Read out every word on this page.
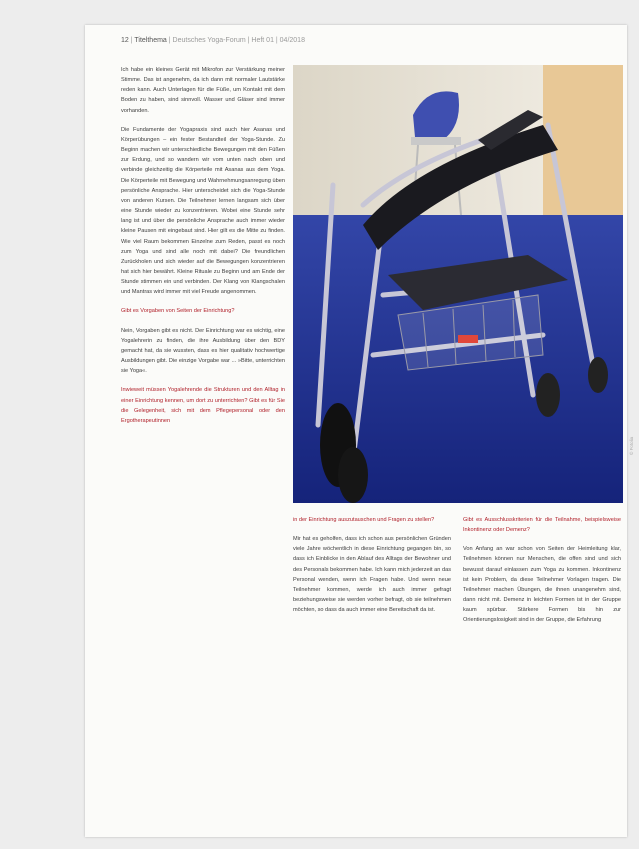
12 | Titelthema | Deutsches Yoga-Forum | Heft 01 | 04/2018

Ich habe ein kleines Gerät mit Mikrofon zur Verstärkung meiner Stimme. Das ist angenehm, da ich dann mit normaler Lautstärke reden kann. Auch Unterlagen für die Füße, um Kontakt mit dem Boden zu haben, sind sinnvoll. Wasser und Gläser sind immer vorhanden.

Die Fundamente der Yogapraxis sind auch hier Asanas und Körperübungen – ein fester Bestandteil der Yoga-Stunde. Zu Beginn machen wir unterschiedliche Bewegungen mit den Füßen zur Erdung, und so wandern wir vom unten nach oben und verbinde gleichzeitig die Körperteile mit Asanas aus dem Yoga. Die Körperteile mit Bewegung und Wahrnehmungsanregung üben persönliche Ansprache. Hier unterscheidet sich die Yoga-Stunde von anderen Kursen. Die Teilnehmer lernen langsam sich über eine Stunde wieder zu konzentrieren. Wobei eine Stunde sehr lang ist und über die persönliche Ansprache auch immer wieder kleine Pausen mit eingebaut sind. Hier gilt es die Mitte zu finden. Wie viel Raum bekommen Einzelne zum Reden, passt es noch zum Yoga und sind alle noch mit dabei? Die freundlichen Zurückholen und sich wieder auf die Bewegungen konzentrieren hat sich hier bewährt. Kleine Rituale zu Beginn und am Ende der Stunde stimmen ein und verbinden. Der Klang von Klangschalen und Mantras wird immer mit viel Freude angenommen.

Gibt es Vorgaben von Seiten der Einrichtung?

Nein, Vorgaben gibt es nicht. Der Einrichtung war es wichtig, eine Yogalehrerin zu finden, die ihre Ausbildung über den BDY gemacht hat, da sie wussten, dass es hier qualitativ hochwertige Ausbildungen gibt. Die einzige Vorgabe war ... »Bitte, unterrichten sie Yoga«.

Inwieweit müssen Yogalehrende die Strukturen und den Alltag in einer Einrichtung kennen, um dort zu unterrichten? Gibt es für Sie die Gelegenheit, sich mit dem Pflegepersonal oder den Ergotherapeutinnen

© Fotolia

in der Einrichtung auszutauschen und Fragen zu stellen?

Mir hat es geholfen, dass ich schon aus persönlichen Gründen viele Jahre wöchentlich in diese Einrichtung gegangen bin, so dass ich Einblicke in den Ablauf des Alltags der Bewohner und des Personals bekommen habe. Ich kann mich jederzeit an das Personal wenden, wenn ich Fragen habe. Und wenn neue Teilnehmer kommen, werde ich auch immer gefragt beziehungsweise sie werden vorher befragt, ob sie teilnehmen möchten, so dass da auch immer eine Bereitschaft da ist.

Gibt es Ausschlusskriterien für die Teilnahme, beispielsweise Inkontinenz oder Demenz?

Von Anfang an war schon von Seiten der Heimleitung klar, Teilnehmen können nur Menschen, die offen sind und sich bewusst darauf einlassen zum Yoga zu kommen. Inkontinenz ist kein Problem, da diese Teilnehmer Vorlagen tragen. Die Teilnehmer machen Übungen, die ihnen unangenehm sind, dann nicht mit. Demenz in leichten Formen ist in der Gruppe kaum spürbar. Stärkere Formen bis hin zur Orientierungslosigkeit sind in der Gruppe, die Erfahrung
